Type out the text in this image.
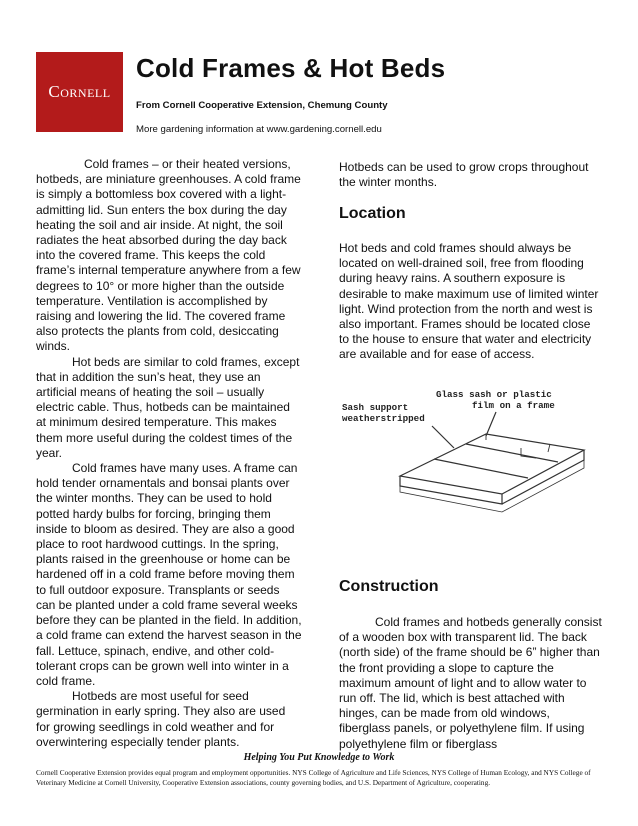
Cornell
Cold Frames & Hot Beds
From Cornell Cooperative Extension, Chemung County
More gardening information at www.gardening.cornell.edu

Cold frames – or their heated versions, hotbeds, are miniature greenhouses. A cold frame is simply a bottomless box covered with a light-admitting lid. Sun enters the box during the day heating the soil and air inside. At night, the soil radiates the heat absorbed during the day back into the covered frame. This keeps the cold frame’s internal temperature anywhere from a few degrees to 10° or more higher than the outside temperature. Ventilation is accomplished by raising and lowering the lid. The covered frame also protects the plants from cold, desiccating winds.

Hot beds are similar to cold frames, except that in addition the sun’s heat, they use an artificial means of heating the soil – usually electric cable. Thus, hotbeds can be maintained at minimum desired temperature. This makes them more useful during the coldest times of the year.

Cold frames have many uses. A frame can hold tender ornamentals and bonsai plants over the winter months. They can be used to hold potted hardy bulbs for forcing, bringing them inside to bloom as desired. They are also a good place to root hardwood cuttings. In the spring, plants raised in the greenhouse or home can be hardened off in a cold frame before moving them to full outdoor exposure. Transplants or seeds can be planted under a cold frame several weeks before they can be planted in the field. In addition, a cold frame can extend the harvest season in the fall. Lettuce, spinach, endive, and other cold-tolerant crops can be grown well into winter in a cold frame.

Hotbeds are most useful for seed germination in early spring. They also are used for growing seedlings in cold weather and for overwintering especially tender plants.

Hotbeds can be used to grow crops throughout the winter months.

Location

Hot beds and cold frames should always be located on well-drained soil, free from flooding during heavy rains. A southern exposure is desirable to make maximum use of limited winter light. Wind protection from the north and west is also important. Frames should be located close to the house to ensure that water and electricity are available and for ease of access.

Glass sash or plastic
film on a frame
Sash support
weatherstripped
Construction

Cold frames and hotbeds generally consist of a wooden box with transparent lid. The back (north side) of the frame should be 6” higher than the front providing a slope to capture the maximum amount of light and to allow water to run off. The lid, which is best attached with hinges, can be made from old windows, fiberglass panels, or polyethylene film. If using polyethylene film or fiberglass

Helping You Put Knowledge to Work
Cornell Cooperative Extension provides equal program and employment opportunities. NYS College of Agriculture and Life Sciences, NYS College of Human Ecology, and NYS College of Veterinary Medicine at Cornell University, Cooperative Extension associations, county governing bodies, and U.S. Department of Agriculture, cooperating.
